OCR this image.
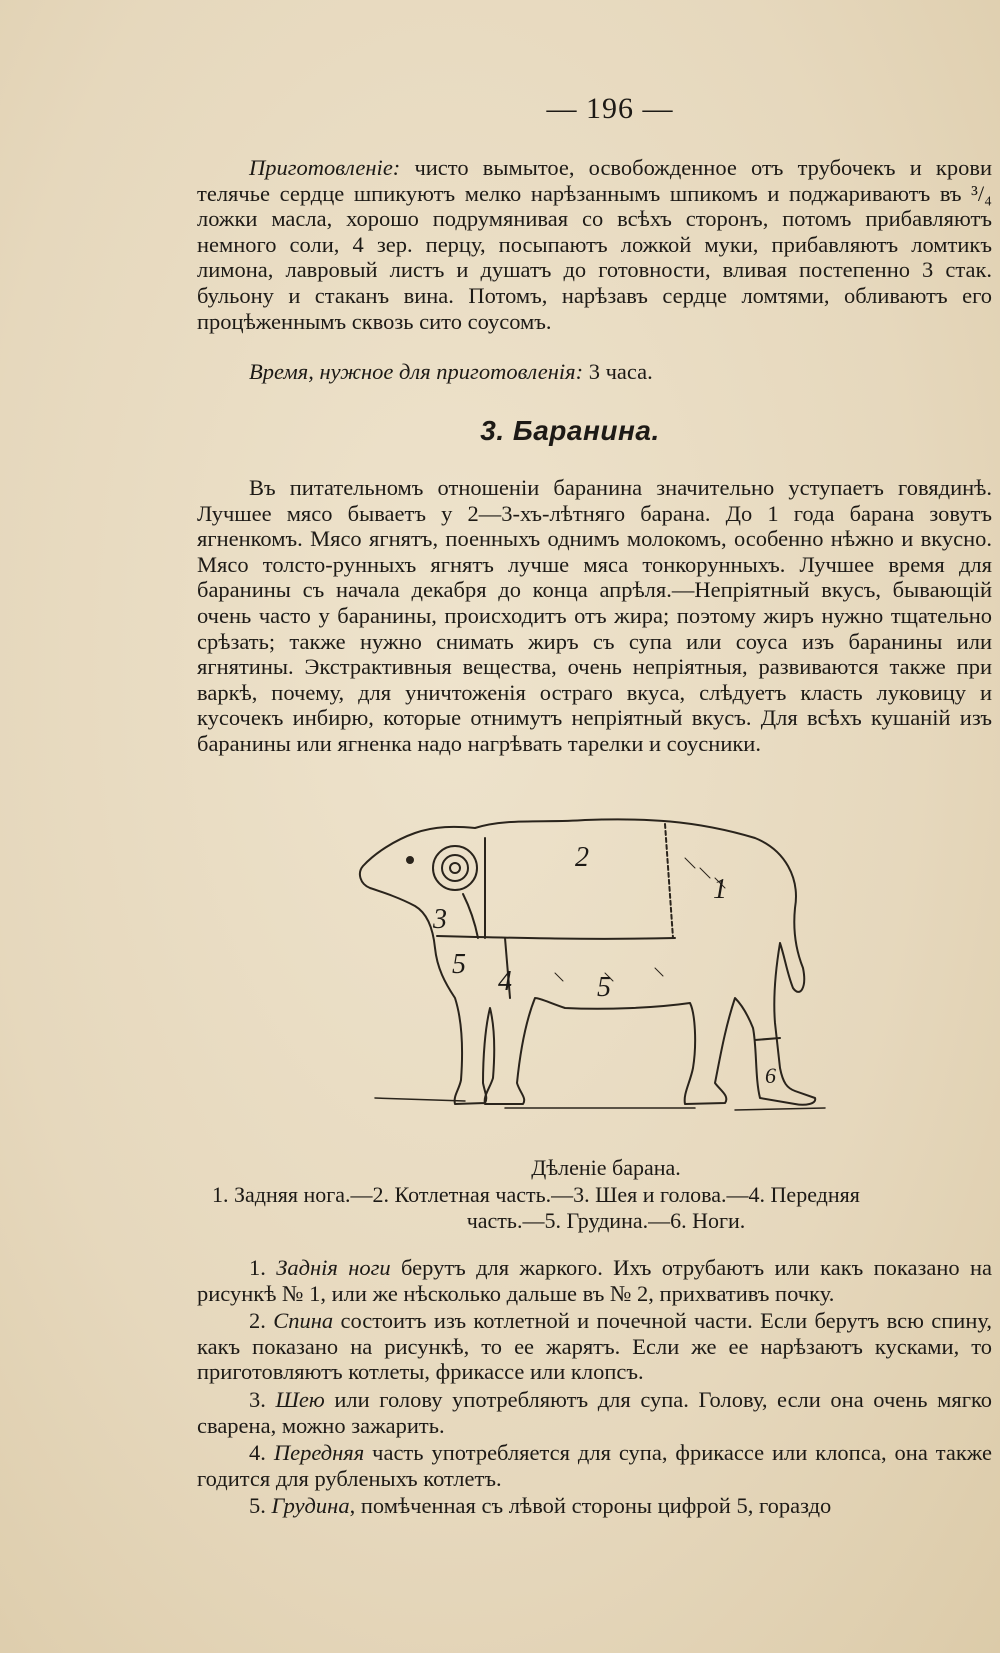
— 196 —

Приготовленіе: чисто вымытое, освобожденное отъ трубочекъ и крови телячье сердце шпикуютъ мелко нарѣзаннымъ шпикомъ и поджариваютъ въ ³/₄ ложки масла, хорошо подрумянивая со всѣхъ сторонъ, потомъ прибавляютъ немного соли, 4 зер. перцу, посыпаютъ ложкой муки, прибавляютъ ломтикъ лимона, лавровый листъ и душатъ до готовности, вливая постепенно 3 стак. бульону и стаканъ вина. Потомъ, нарѣзавъ сердце ломтями, обливаютъ его процѣженнымъ сквозь сито соусомъ.

Время, нужное для приготовленія: 3 часа.

3. Баранина.

Въ питательномъ отношеніи баранина значительно уступаетъ говядинѣ. Лучшее мясо бываетъ у 2—3-хъ-лѣтняго барана. До 1 года барана зовутъ ягненкомъ. Мясо ягнятъ, поенныхъ однимъ молокомъ, особенно нѣжно и вкусно. Мясо толсто-рунныхъ ягнятъ лучше мяса тонкорунныхъ. Лучшее время для баранины съ начала декабря до конца апрѣля.—Непріятный вкусъ, бывающій очень часто у баранины, происходитъ отъ жира; поэтому жиръ нужно тщательно срѣзать; также нужно снимать жиръ съ супа или соуса изъ баранины или ягнятины. Экстрактивныя вещества, очень непріятныя, развиваются также при варкѣ, почему, для уничтоженія остраго вкуса, слѣдуетъ класть луковицу и кусочекъ инбирю, которые отнимутъ непріятный вкусъ. Для всѣхъ кушаній изъ баранины или ягненка надо нагрѣвать тарелки и соусники.

1
2
3
4	5
5
6
Дѣленіе барана.
1. Задняя нога.—2. Котлетная часть.—3. Шея и голова.—4. Передняя
часть.—5. Грудина.—6. Ноги.

1. Заднія ноги берутъ для жаркого. Ихъ отрубаютъ или какъ показано на рисункѣ № 1, или же нѣсколько дальше въ № 2, прихвативъ почку.

2. Спина состоитъ изъ котлетной и почечной части. Если берутъ всю спину, какъ показано на рисункѣ, то ее жарятъ. Если же ее нарѣзаютъ кусками, то приготовляютъ котлеты, фрикассе или клопсъ.

3. Шею или голову употребляютъ для супа. Голову, если она очень мягко сварена, можно зажарить.

4. Передняя часть употребляется для супа, фрикассе или клопса, она также годится для рубленыхъ котлетъ.

5. Грудина, помѣченная съ лѣвой стороны цифрой 5, гораздо
